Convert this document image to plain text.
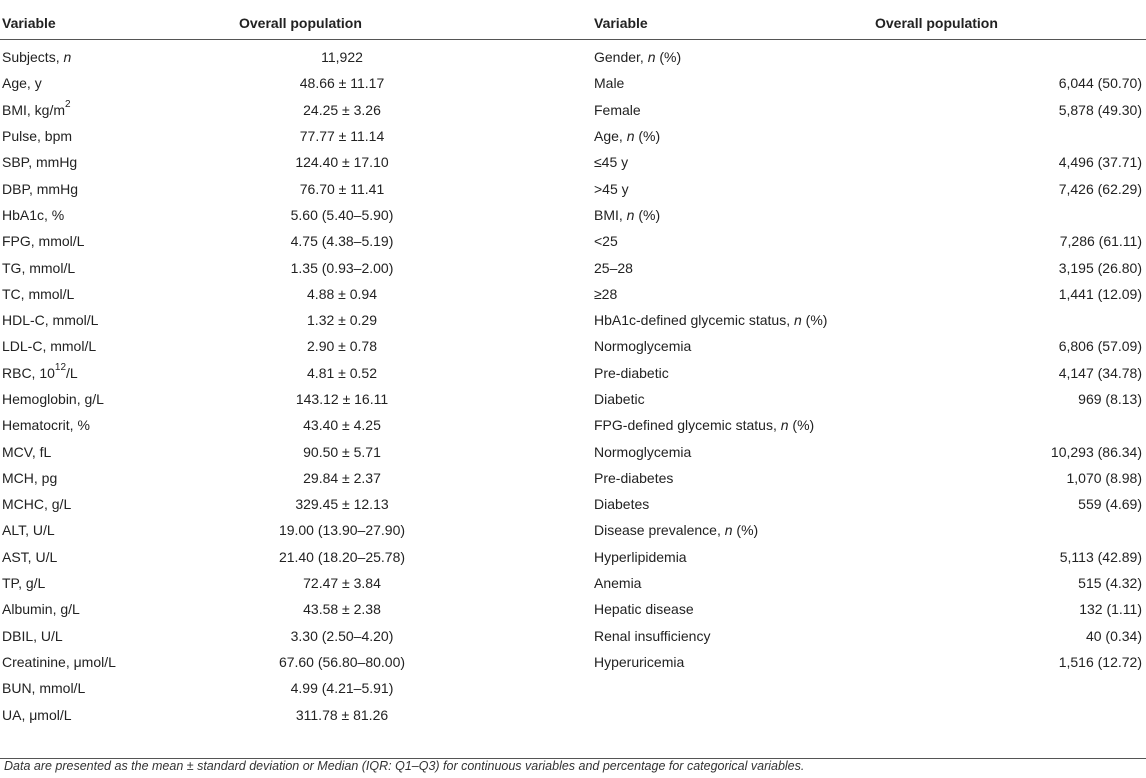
Variable	Overall population		Variable	Overall population
Subjects, n	11,922		Gender, n (%)	
Age, y	48.66 ± 11.17		Male	6,044 (50.70)
BMI, $kg/m^2$	24.25 ± 3.26		Female	5,878 (49.30)
Pulse, bpm	77.77 ± 11.14		Age, n (%)	
SBP, mmHg	124.40 ± 17.10		≤45 y	4,496 (37.71)
DBP, mmHg	76.70 ± 11.41		>45 y	7,426 (62.29)
HbA1c, %	5.60 (5.40–5.90)		BMI, n (%)	
FPG, mmol/L	4.75 (4.38–5.19)		<25	7,286 (61.11)
TG, mmol/L	1.35 (0.93–2.00)		25–28	3,195 (26.80)
TC, mmol/L	4.88 ± 0.94		≥28	1,441 (12.09)
HDL-C, mmol/L	1.32 ± 0.29		HbA1c-defined glycemic status, n (%)	
LDL-C, mmol/L	2.90 ± 0.78		Normoglycemia	6,806 (57.09)
RBC, $10^{12}/L$	4.81 ± 0.52		Pre-diabetic	4,147 (34.78)
Hemoglobin, g/L	143.12 ± 16.11		Diabetic	969 (8.13)
Hematocrit, %	43.40 ± 4.25		FPG-defined glycemic status, n (%)	
MCV, fL	90.50 ± 5.71		Normoglycemia	10,293 (86.34)
MCH, pg	29.84 ± 2.37		Pre-diabetes	1,070 (8.98)
MCHC, g/L	329.45 ± 12.13		Diabetes	559 (4.69)
ALT, U/L	19.00 (13.90–27.90)		Disease prevalence, n (%)	
AST, U/L	21.40 (18.20–25.78)		Hyperlipidemia	5,113 (42.89)
TP, g/L	72.47 ± 3.84		Anemia	515 (4.32)
Albumin, g/L	43.58 ± 2.38		Hepatic disease	132 (1.11)
DBIL, U/L	3.30 (2.50–4.20)		Renal insufficiency	40 (0.34)
Creatinine, μmol/L	67.60 (56.80–80.00)		Hyperuricemia	1,516 (12.72)
BUN, mmol/L	4.99 (4.21–5.91)			
UA, μmol/L	311.78 ± 81.26			

Data are presented as the mean ± standard deviation or Median (IQR: Q1–Q3) for continuous variables and percentage for categorical variables.
